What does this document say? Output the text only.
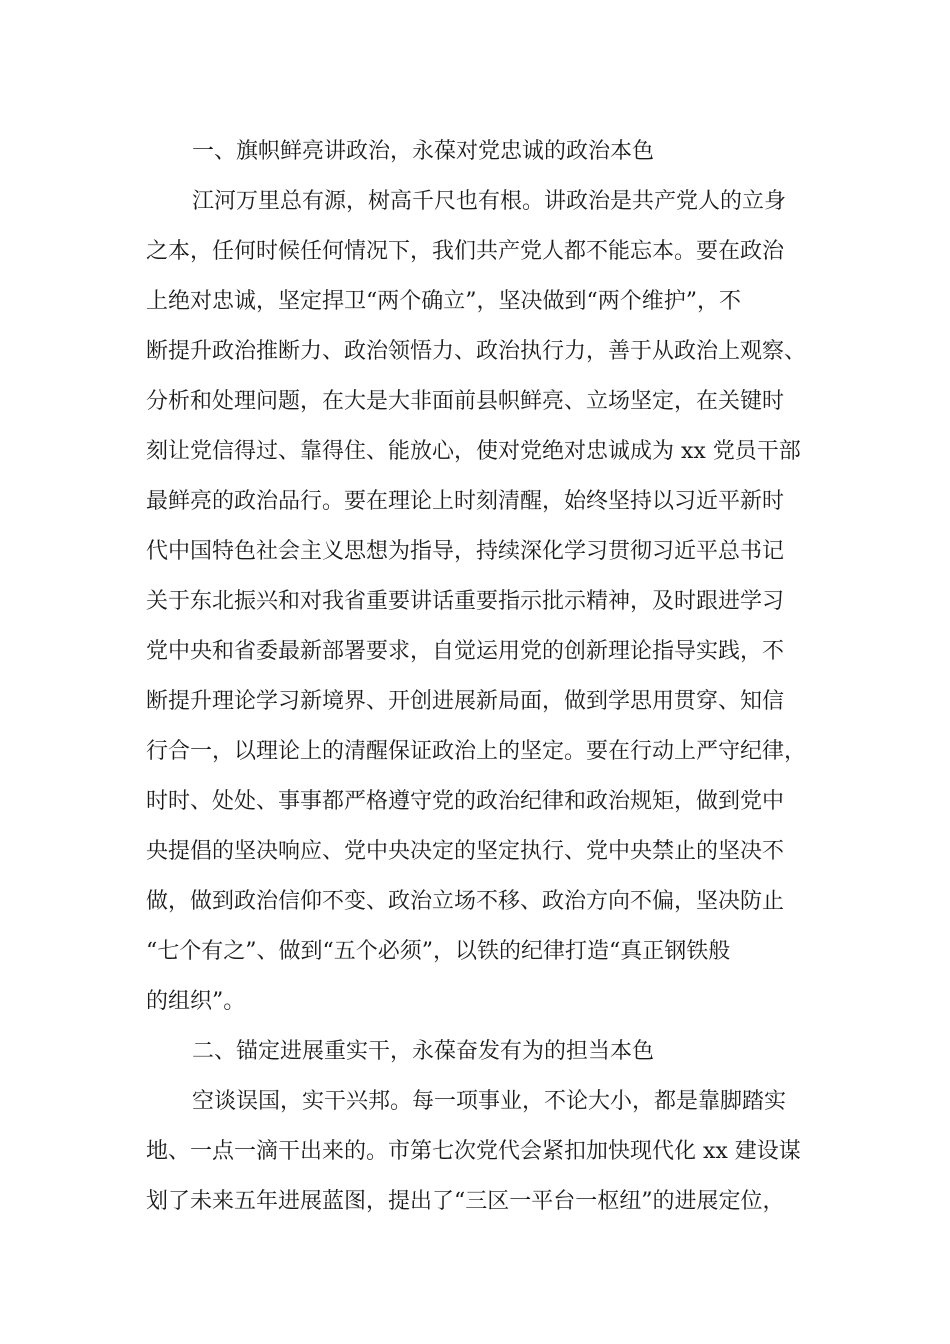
一、旗帜鲜亮讲政治，永葆对党忠诚的政治本色
江河万里总有源，树高千尺也有根。讲政治是共产党人的立身
之本，任何时候任何情况下，我们共产党人都不能忘本。要在政治
上绝对忠诚，坚定捍卫“两个确立”，坚决做到“两个维护”，不
断提升政治推断力、政治领悟力、政治执行力，善于从政治上观察、
分析和处理问题，在大是大非面前县帜鲜亮、立场坚定，在关键时
刻让党信得过、靠得住、能放心，使对党绝对忠诚成为 xx 党员干部
最鲜亮的政治品行。要在理论上时刻清醒，始终坚持以习近平新时
代中国特色社会主义思想为指导，持续深化学习贯彻习近平总书记
关于东北振兴和对我省重要讲话重要指示批示精神，及时跟进学习
党中央和省委最新部署要求，自觉运用党的创新理论指导实践，不
断提升理论学习新境界、开创进展新局面，做到学思用贯穿、知信
行合一，以理论上的清醒保证政治上的坚定。要在行动上严守纪律，
时时、处处、事事都严格遵守党的政治纪律和政治规矩，做到党中
央提倡的坚决响应、党中央决定的坚定执行、党中央禁止的坚决不
做，做到政治信仰不变、政治立场不移、政治方向不偏，坚决防止
“七个有之”、做到“五个必须”，以铁的纪律打造“真正钢铁般
的组织”。
二、锚定进展重实干，永葆奋发有为的担当本色
空谈误国，实干兴邦。每一项事业，不论大小，都是靠脚踏实
地、一点一滴干出来的。市第七次党代会紧扣加快现代化 xx 建设谋
划了未来五年进展蓝图，提出了“三区一平台一枢纽”的进展定位，
